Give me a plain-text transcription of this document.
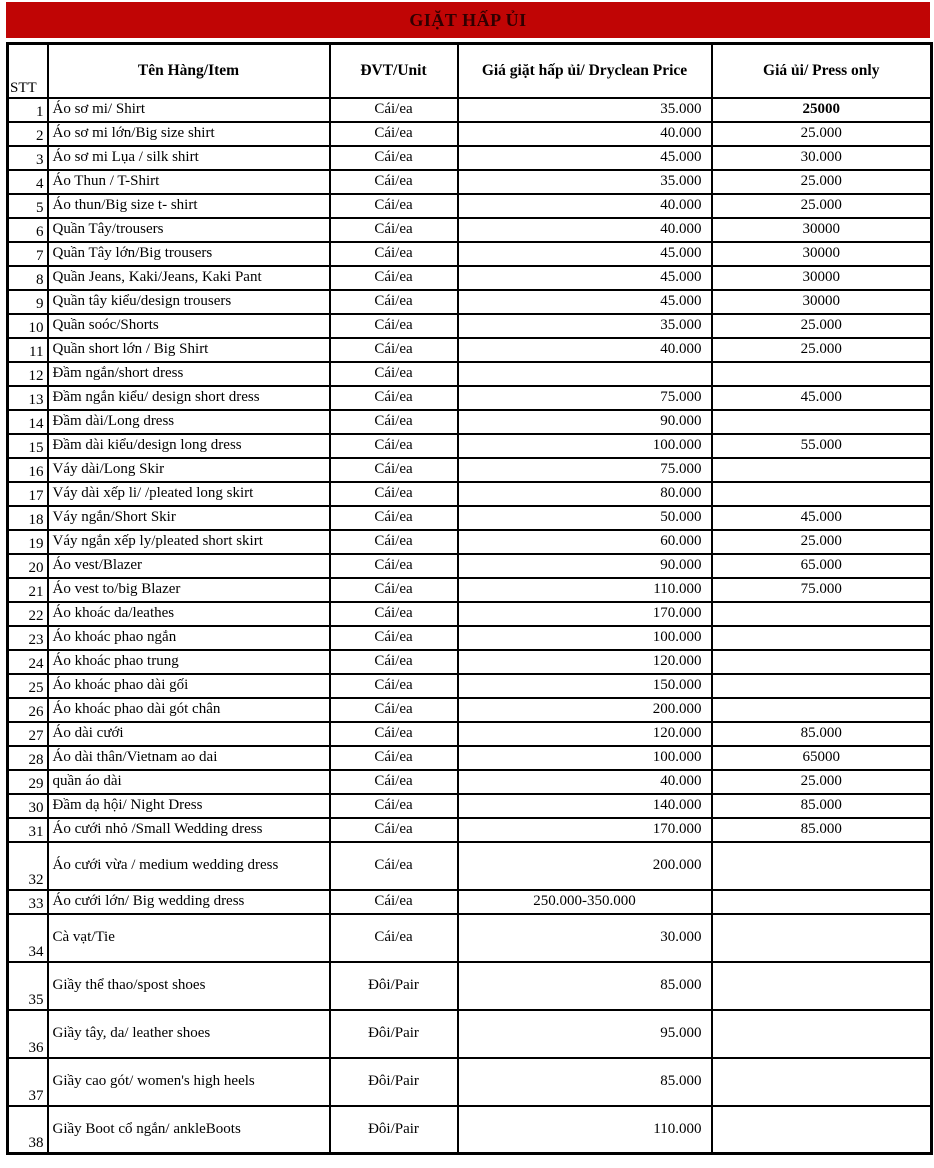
GIẶT HẤP ỦI
STT	Tên Hàng/Item	ĐVT/Unit	Giá giặt hấp ủi/ Dryclean Price	Giá ủi/ Press only
1	Áo sơ mi/ Shirt	Cái/ea	35.000	25000
2	Áo sơ mi lớn/Big size shirt	Cái/ea	40.000	25.000
3	Áo sơ mi Lụa / silk shirt	Cái/ea	45.000	30.000
4	Áo Thun / T-Shirt	Cái/ea	35.000	25.000
5	Áo thun/Big size t- shirt	Cái/ea	40.000	25.000
6	Quần Tây/trousers	Cái/ea	40.000	30000
7	Quần Tây lớn/Big trousers	Cái/ea	45.000	30000
8	Quần Jeans, Kaki/Jeans, Kaki Pant	Cái/ea	45.000	30000
9	Quần tây kiểu/design trousers	Cái/ea	45.000	30000
10	Quần soóc/Shorts	Cái/ea	35.000	25.000
11	Quần short lớn / Big Shirt	Cái/ea	40.000	25.000
12	Đầm ngắn/short dress	Cái/ea		
13	Đầm ngắn kiểu/ design short dress	Cái/ea	75.000	45.000
14	Đầm dài/Long dress	Cái/ea	90.000	
15	Đầm dài kiểu/design long dress	Cái/ea	100.000	55.000
16	Váy dài/Long Skir	Cái/ea	75.000	
17	Váy dài xếp li/ /pleated long skirt	Cái/ea	80.000	
18	Váy ngắn/Short Skir	Cái/ea	50.000	45.000
19	Váy ngắn xếp ly/pleated short skirt	Cái/ea	60.000	25.000
20	Áo vest/Blazer	Cái/ea	90.000	65.000
21	Áo vest to/big Blazer	Cái/ea	110.000	75.000
22	Áo khoác da/leathes	Cái/ea	170.000	
23	Áo khoác phao ngắn	Cái/ea	100.000	
24	Áo khoác phao trung	Cái/ea	120.000	
25	Áo khoác phao dài gối	Cái/ea	150.000	
26	Áo khoác phao dài gót chân	Cái/ea	200.000	
27	Áo dài cưới	Cái/ea	120.000	85.000
28	Áo dài thân/Vietnam ao dai	Cái/ea	100.000	65000
29	quần áo dài	Cái/ea	40.000	25.000
30	Đầm dạ hội/ Night Dress	Cái/ea	140.000	85.000
31	Áo cưới nhỏ /Small Wedding dress	Cái/ea	170.000	85.000
32	Áo cưới vừa / medium wedding dress	Cái/ea	200.000	
33	Áo cưới lớn/ Big wedding dress	Cái/ea	250.000-350.000	
34	Cà vạt/Tie	Cái/ea	30.000	
35	Giầy thể thao/spost shoes	Đôi/Pair	85.000	
36	Giầy tây, da/ leather shoes	Đôi/Pair	95.000	
37	Giầy cao gót/ women's high heels	Đôi/Pair	85.000	
38	Giầy Boot cổ ngắn/ ankleBoots	Đôi/Pair	110.000	
